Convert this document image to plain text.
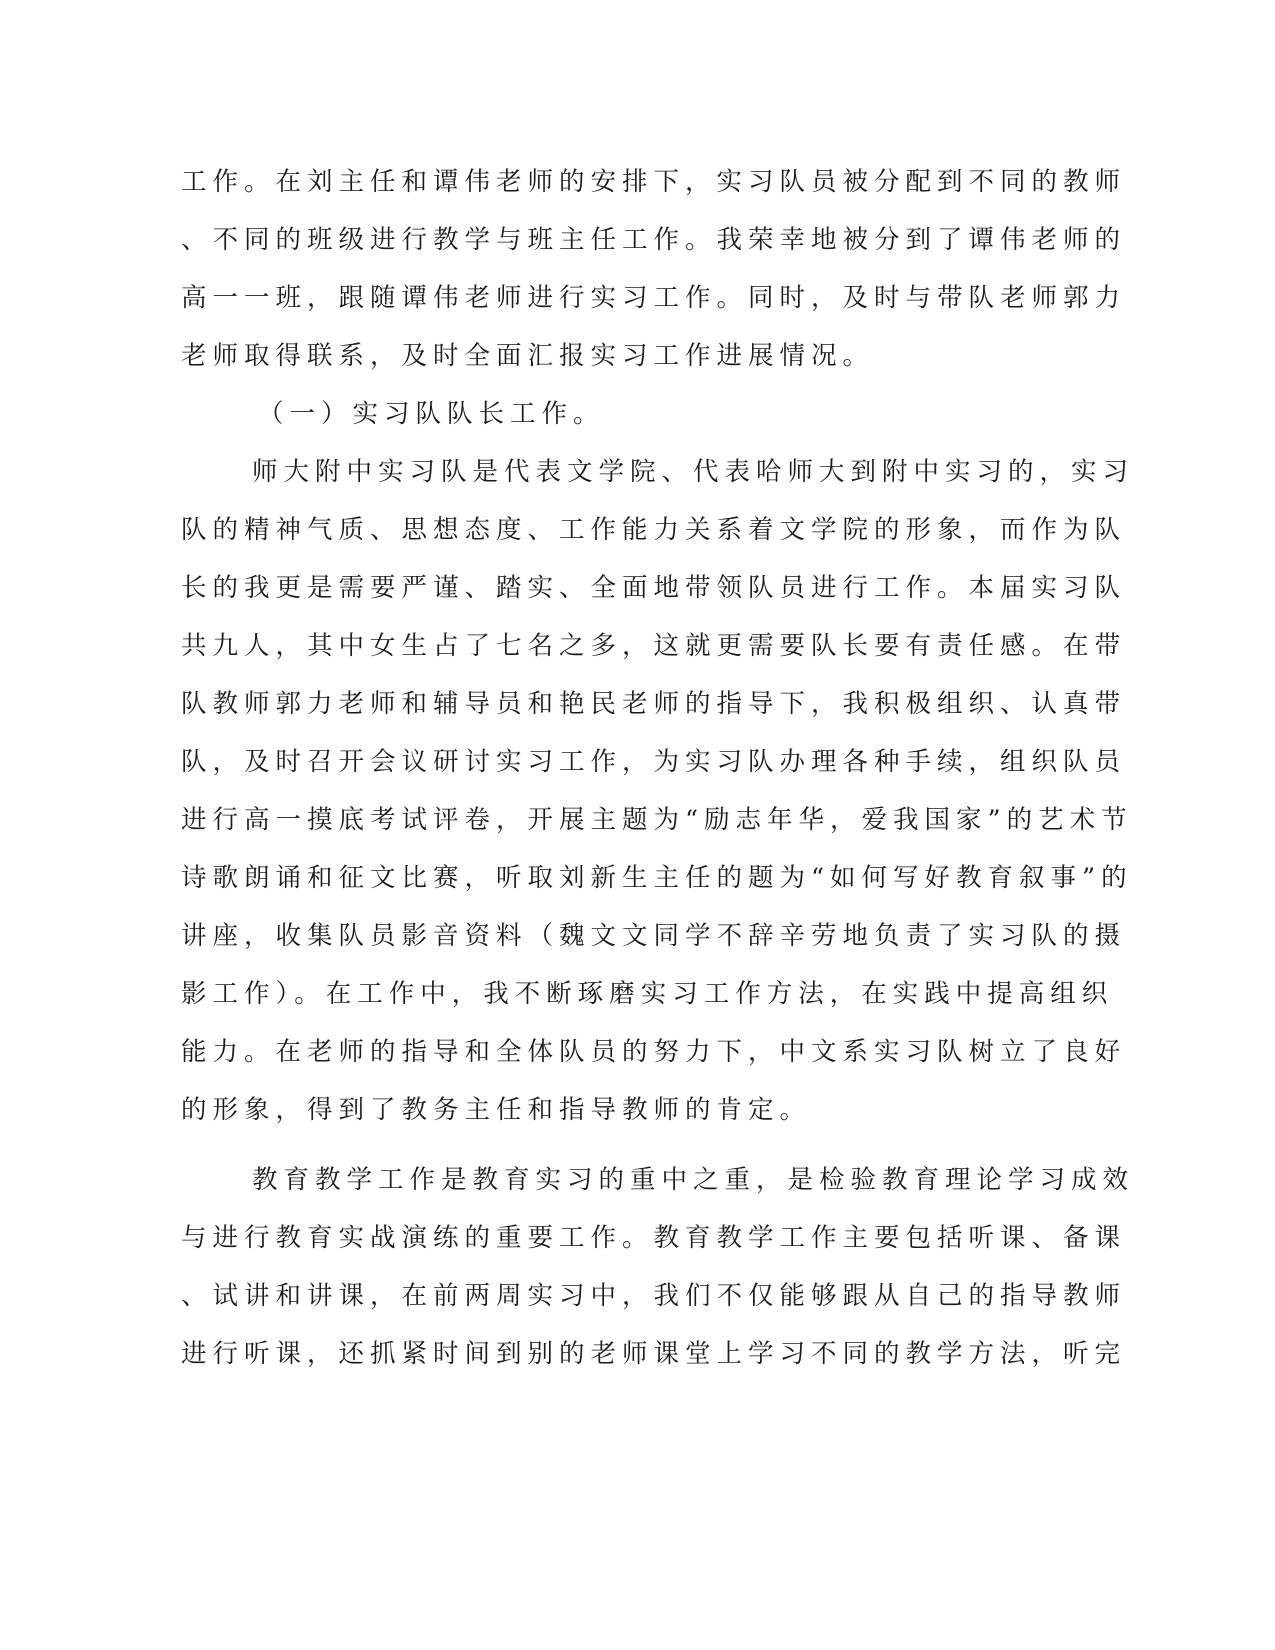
工作。在刘主任和谭伟老师的安排下，实习队员被分配到不同的教师
、不同的班级进行教学与班主任工作。我荣幸地被分到了谭伟老师的
高一一班，跟随谭伟老师进行实习工作。同时，及时与带队老师郭力
老师取得联系，及时全面汇报实习工作进展情况。
（一）实习队队长工作。
师大附中实习队是代表文学院、代表哈师大到附中实习的，实习
队的精神气质、思想态度、工作能力关系着文学院的形象，而作为队
长的我更是需要严谨、踏实、全面地带领队员进行工作。本届实习队
共九人，其中女生占了七名之多，这就更需要队长要有责任感。在带
队教师郭力老师和辅导员和艳民老师的指导下，我积极组织、认真带
队，及时召开会议研讨实习工作，为实习队办理各种手续，组织队员
进行高一摸底考试评卷，开展主题为“励志年华，爱我国家”的艺术节
诗歌朗诵和征文比赛，听取刘新生主任的题为“如何写好教育叙事”的
讲座，收集队员影音资料（魏文文同学不辞辛劳地负责了实习队的摄
影工作）。在工作中，我不断琢磨实习工作方法，在实践中提高组织
能力。在老师的指导和全体队员的努力下，中文系实习队树立了良好
的形象，得到了教务主任和指导教师的肯定。
教育教学工作是教育实习的重中之重，是检验教育理论学习成效
与进行教育实战演练的重要工作。教育教学工作主要包括听课、备课
、试讲和讲课，在前两周实习中，我们不仅能够跟从自己的指导教师
进行听课，还抓紧时间到别的老师课堂上学习不同的教学方法，听完
